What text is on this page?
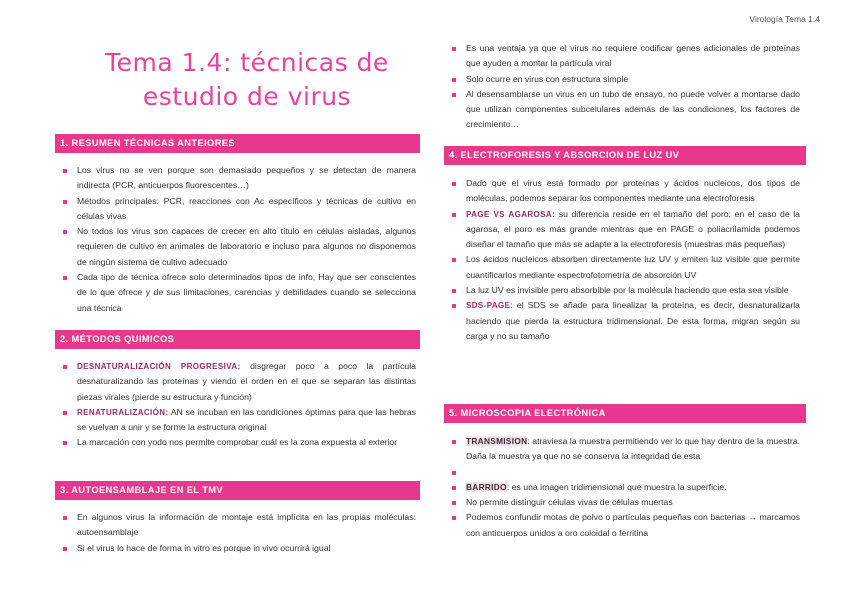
Virología Tema 1.4
Tema 1.4: técnicas de
estudio de virus
1. RESUMEN TÉCNICAS ANTEIORES
Los virus no se ven porque son demasiado pequeños y se detectan de manera indirecta (PCR, anticuerpos fluorescentes…)
Métodos principales: PCR, reacciones con Ac específicos y técnicas de cultivo en células vivas
No todos los virus son capaces de crecer en alto título en células aisladas, algunos requieren de cultivo en animales de laboratorio e incluso para algunos no disponemos de ningún sistema de cultivo adecuado
Cada tipo de técnica ofrece solo determinados tipos de info, Hay que ser conscientes de lo que ofrece y de sus limitaciones, carencias y debilidades cuando se selecciona una técnica
2. MÉTODOS QUIMICOS
DESNATURALIZACIÓN PROGRESIVA: disgregar poco a poco la partícula desnaturalizando las proteínas y viendo el orden en el que se separan las distintas piezas virales (pierde su estructura y función)
RENATURALIZACIÓN: AN se incuban en las condiciones óptimas para que las hebras se vuelvan a unir y se forme la estructura original
La marcación con yodo nos permite comprobar cuál es la zona expuesta al exterior
3. AUTOENSAMBLAJE EN EL TMV
En algunos virus la información de montaje está implícita en las propias moléculas: autoensamblaje
Si el virus lo hace de forma in vitro es porque in vivo ocurrirá igual
Es una ventaja ya que el virus no requiere codificar genes adicionales de proteínas que ayuden a montar la partícula viral
Solo ocurre en virus con estructura simple
Al desensamblarse un virus en un tubo de ensayo, no puede volver a montarse dado que utilizan componentes subcelulares además de las condiciones, los factores de crecimiento…
4. ELECTROFORESIS Y ABSORCION DE LUZ UV
Dado que el virus está formado por proteínas y ácidos nucleicos, dos tipos de moléculas, podemos separar los componentes mediante una electroforesis
PAGE VS AGAROSA: su diferencia reside en el tamaño del poro: en el caso de la agarosa, el poro es más grande mientras que en PAGE o poliacrilamida podemos diseñar el tamaño que más se adapte a la electroforesis (muestras más pequeñas)
Los ácidos nucleicos absorben directamente luz UV y emiten luz visible que permite cuantificarlos mediante espectrofotometría de absorción UV
La luz UV es invisible pero absorbible por la molécula haciendo que esta sea visible
SDS-PAGE: el SDS se añade para linealizar la proteína, es decir, desnaturalizarla haciendo que pierda la estructura tridimensional. De esta forma, migran según su carga y no su tamaño
5. MICROSCOPIA ELECTRÓNICA
TRANSMISION: atraviesa la muestra permitiendo ver lo que hay dentro de la muestra. Daña la muestra ya que no se conserva la integridad de esta

BARRIDO: es una imagen tridimensional que muestra la superficie.
No permite distinguir células vivas de células muertas
Podemos confundir motas de polvo o partículas pequeñas con bacterias → marcamos con anticuerpos unidos a oro coloidal o ferritina
